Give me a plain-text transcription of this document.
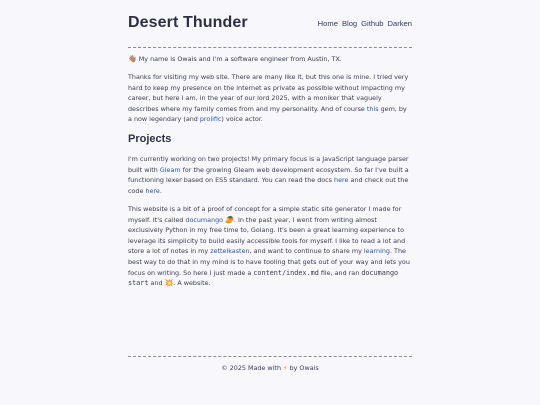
Desert Thunder	Home Blog Github Darken

👋🏽 My name is Owais and I'm a software engineer from Austin, TX.

Thanks for visiting my web site. There are many like it, but this one is mine. I tried very hard to keep my presence on the internet as private as possible without impacting my career, but here I am, in the year of our lord 2025, with a moniker that vaguely describes where my family comes from and my personality. And of course this gem, by a now legendary (and prolific) voice actor.

Projects

I'm currently working on two projects! My primary focus is a JavaScript language parser built with Gleam for the growing Gleam web development ecosystem. So far I've built a functioning lexer based on ES5 standard. You can read the docs here and check out the code here.

This website is a bit of a proof of concept for a simple static site generator I made for myself. It's called documango 🥭. In the past year, I went from writing almost exclusively Python in my free time to, Golang. It's been a great learning experience to leverage its simplicity to build easily accessible tools for myself. I like to read a lot and store a lot of notes in my zettelkasten, and want to continue to share my learning. The best way to do that in my mind is to have tooling that gets out of your way and lets you focus on writing. So here I just made a content/index.md file, and ran documango start and 💥. A website.

© 2025 Made with ⚡ by Owais
